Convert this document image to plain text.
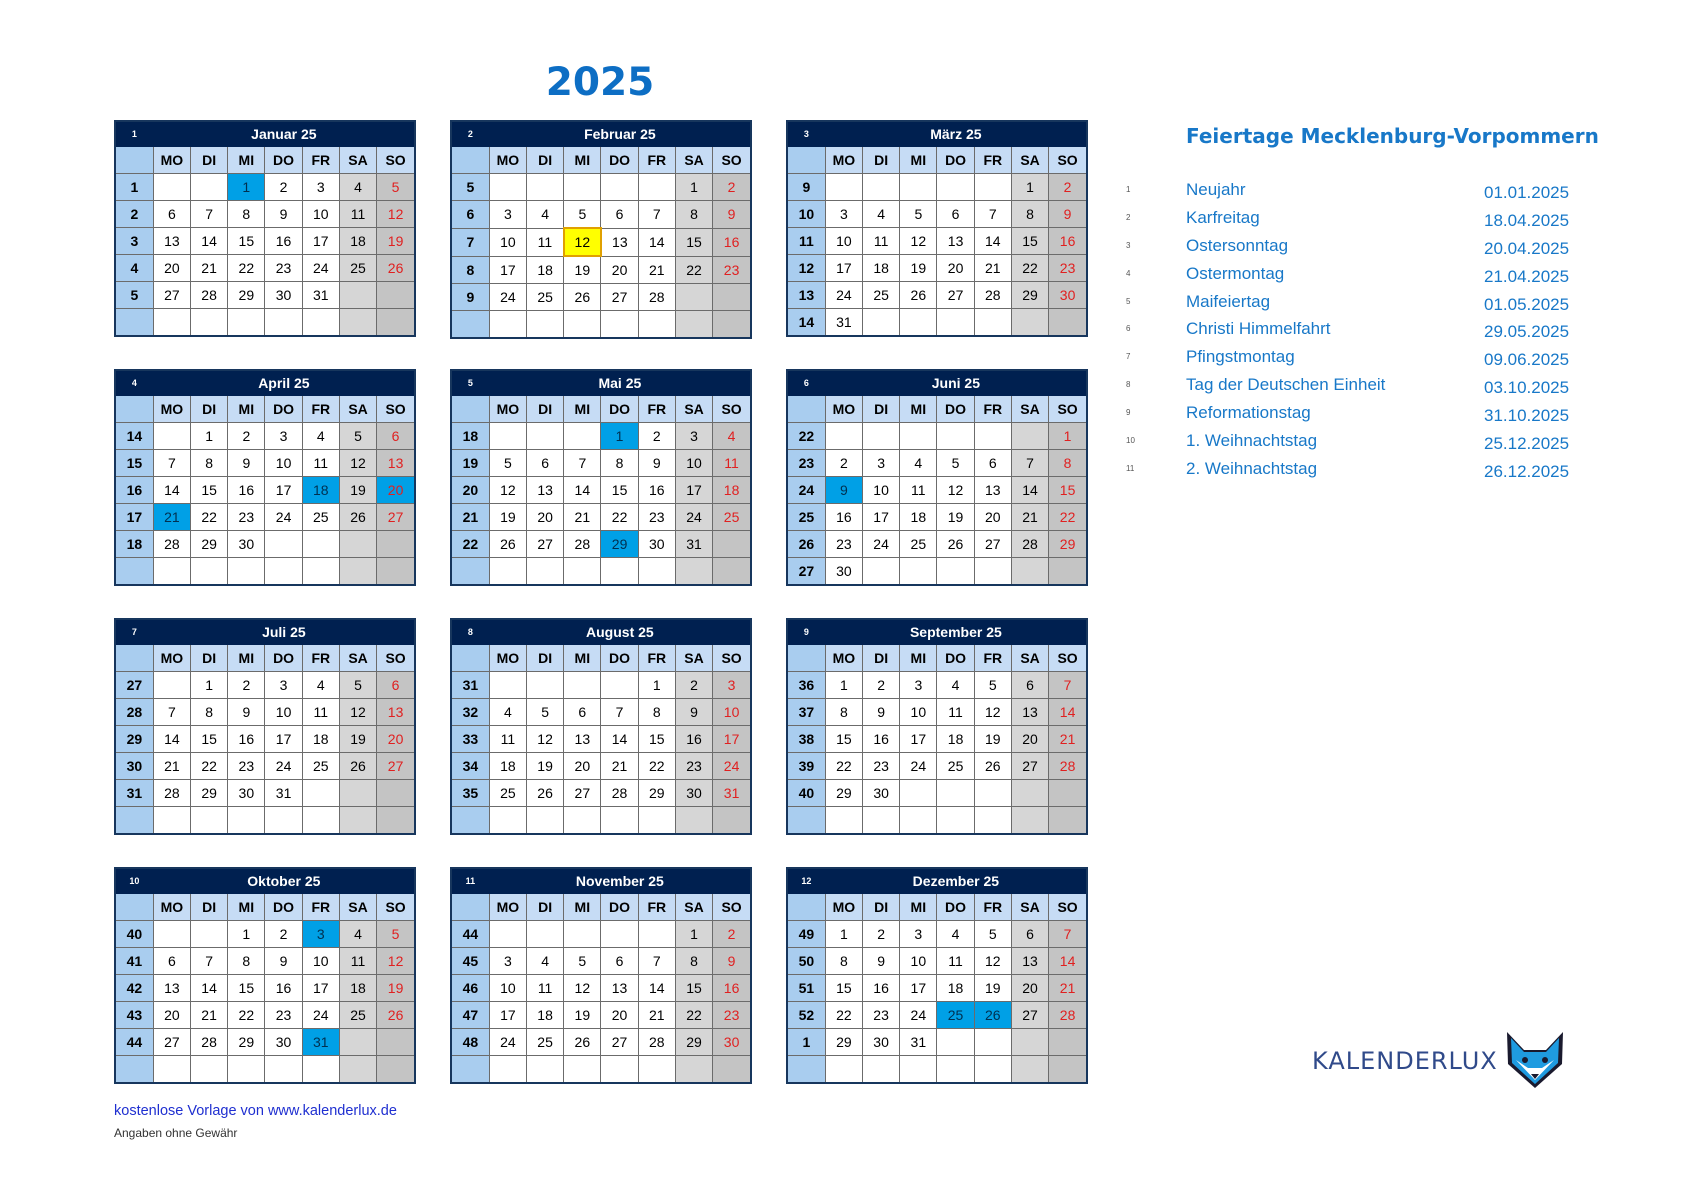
2025
1	Januar 25						
	MO	DI	MI	DO	FR	SA	SO
1			1	2	3	4	5
2	6	7	8	9	10	11	12
3	13	14	15	16	17	18	19
4	20	21	22	23	24	25	26
5	27	28	29	30	31		

2	Februar 25						
	MO	DI	MI	DO	FR	SA	SO
5						1	2
6	3	4	5	6	7	8	9
7	10	11	12	13	14	15	16
8	17	18	19	20	21	22	23
9	24	25	26	27	28		

3	März 25						
	MO	DI	MI	DO	FR	SA	SO
9						1	2
10	3	4	5	6	7	8	9
11	10	11	12	13	14	15	16
12	17	18	19	20	21	22	23
13	24	25	26	27	28	29	30
14	31						
4	April 25						
	MO	DI	MI	DO	FR	SA	SO
14		1	2	3	4	5	6
15	7	8	9	10	11	12	13
16	14	15	16	17	18	19	20
17	21	22	23	24	25	26	27
18	28	29	30				

5	Mai 25						
	MO	DI	MI	DO	FR	SA	SO
18				1	2	3	4
19	5	6	7	8	9	10	11
20	12	13	14	15	16	17	18
21	19	20	21	22	23	24	25
22	26	27	28	29	30	31	

6	Juni 25						
	MO	DI	MI	DO	FR	SA	SO
22							1
23	2	3	4	5	6	7	8
24	9	10	11	12	13	14	15
25	16	17	18	19	20	21	22
26	23	24	25	26	27	28	29
27	30						
7	Juli 25						
	MO	DI	MI	DO	FR	SA	SO
27		1	2	3	4	5	6
28	7	8	9	10	11	12	13
29	14	15	16	17	18	19	20
30	21	22	23	24	25	26	27
31	28	29	30	31			

8	August 25						
	MO	DI	MI	DO	FR	SA	SO
31					1	2	3
32	4	5	6	7	8	9	10
33	11	12	13	14	15	16	17
34	18	19	20	21	22	23	24
35	25	26	27	28	29	30	31

9	September 25						
	MO	DI	MI	DO	FR	SA	SO
36	1	2	3	4	5	6	7
37	8	9	10	11	12	13	14
38	15	16	17	18	19	20	21
39	22	23	24	25	26	27	28
40	29	30					

10	Oktober 25						
	MO	DI	MI	DO	FR	SA	SO
40			1	2	3	4	5
41	6	7	8	9	10	11	12
42	13	14	15	16	17	18	19
43	20	21	22	23	24	25	26
44	27	28	29	30	31		

11	November 25						
	MO	DI	MI	DO	FR	SA	SO
44						1	2
45	3	4	5	6	7	8	9
46	10	11	12	13	14	15	16
47	17	18	19	20	21	22	23
48	24	25	26	27	28	29	30

12	Dezember 25						
	MO	DI	MI	DO	FR	SA	SO
49	1	2	3	4	5	6	7
50	8	9	10	11	12	13	14
51	15	16	17	18	19	20	21
52	22	23	24	25	26	27	28
1	29	30	31				

Feiertage Mecklenburg-Vorpommern
1	Neujahr	01.01.2025
2	Karfreitag	18.04.2025
3	Ostersonntag	20.04.2025
4	Ostermontag	21.04.2025
5	Maifeiertag	01.05.2025
6	Christi Himmelfahrt	29.05.2025
7	Pfingstmontag	09.06.2025
8	Tag der Deutschen Einheit	03.10.2025
9	Reformationstag	31.10.2025
10	1. Weihnachtstag	25.12.2025
11	2. Weihnachtstag	26.12.2025
kostenlose Vorlage von www.kalenderlux.de
Angaben ohne Gewähr
KALENDERLUX
